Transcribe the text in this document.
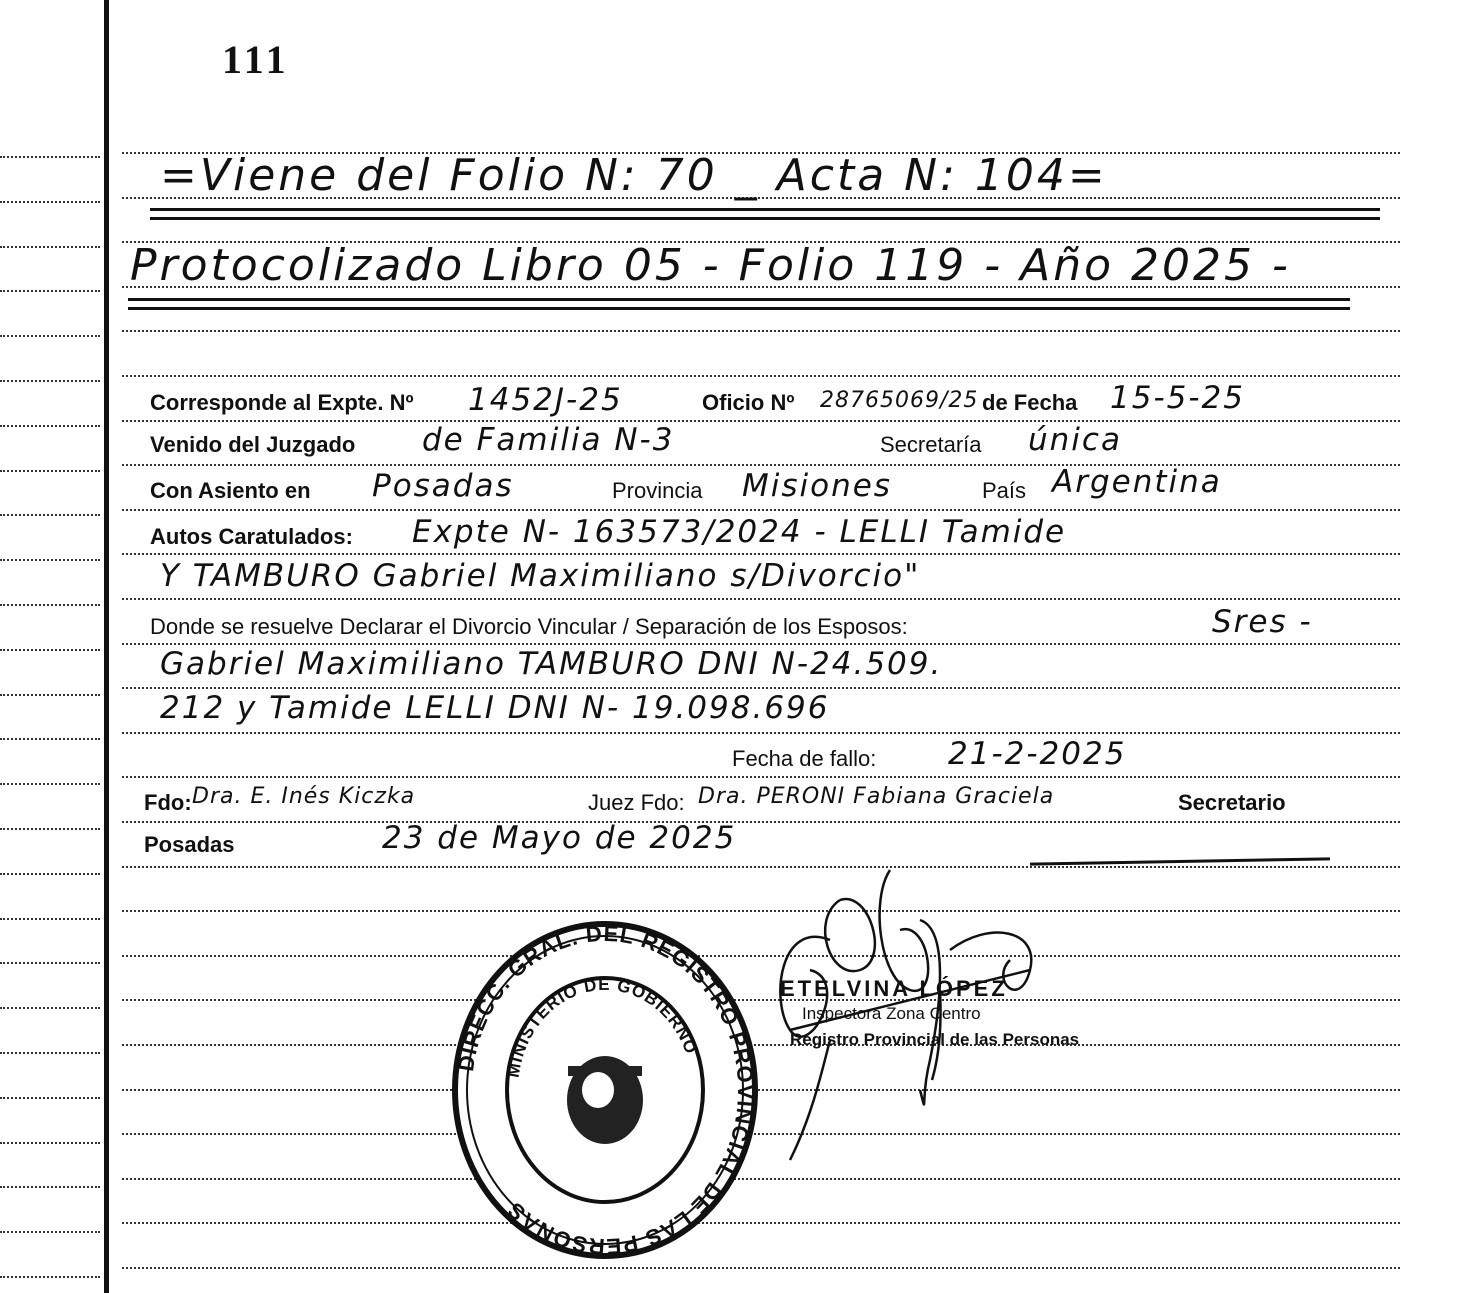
111
=Viene del Folio N: 70 _ Acta N: 104=
Protocolizado Libro 05 - Folio 119 - Año 2025 -
Corresponde al Expte. Nº 1452J-25	Oficio Nº 28765069/25 de Fecha 15-5-25
Venido del Juzgado de Familia N-3	Secretaría única
Con Asiento en Posadas	Provincia Misiones	País Argentina
Autos Caratulados: Expte N- 163573/2024 - LELLI Tamide
Y TAMBURO Gabriel Maximiliano s/Divorcio"
Donde se resuelve Declarar el Divorcio Vincular / Separación de los Esposos:	Sres -
Gabriel Maximiliano TAMBURO DNI N-24.509.
212 y Tamide LELLI DNI N- 19.098.696
Fecha de fallo: 21-2-2025
Fdo: Dra. E. Inés Kiczka	Juez Fdo: Dra. PERONI Fabiana Graciela	Secretario
Posadas	23 de Mayo de 2025
DIRECC. GRAL. DEL REGISTRO PROVINCIAL DE LAS PERSONAS
MINISTERIO DE GOBIERNO
ETELVINA LÓPEZ
Inspectora Zona Centro
Registro Provincial de las Personas
